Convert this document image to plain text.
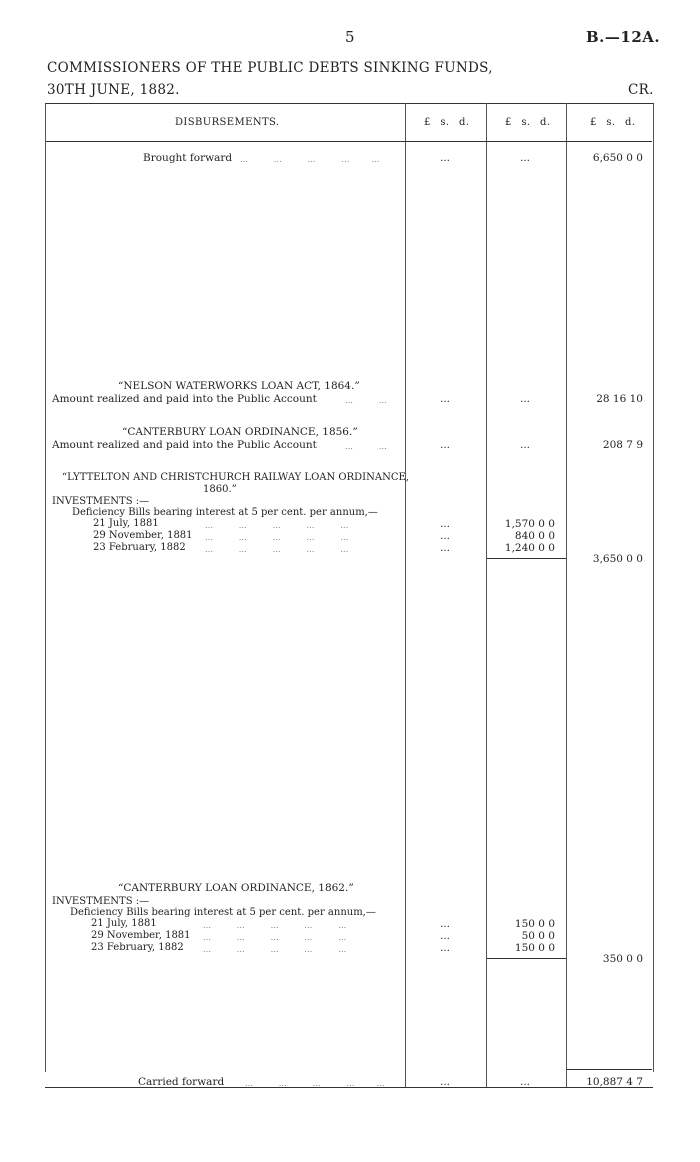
5	B.—12A.
COMMISSIONERS OF THE PUBLIC DEBTS SINKING FUNDS,
30TH JUNE, 1882.	CR.
DISBURSEMENTS.	£ s. d.	£ s. d.	£ s. d.
Brought forward …       …       …       …      …	...	...	6,650 0 0
“NELSON WATERWORKS LOAN ACT, 1864.”
Amount realized and paid into the Public Account	…       …	...	...	28 16 10
“CANTERBURY LOAN ORDINANCE, 1856.”
Amount realized and paid into the Public Account	…       …	...	...	208 7 9
“LYTTELTON AND CHRISTCHURCH RAILWAY LOAN ORDINANCE,
1860.”
INVESTMENTS :—
Deficiency Bills bearing interest at 5 per cent. per annum,—
21 July, 1881	…       …       …       …       …	...	1,570 0 0
29 November, 1881 …       …       …       …       …	...	840 0 0
23 February, 1882 …       …       …       …       …	...	1,240 0 0
3,650 0 0
“CANTERBURY LOAN ORDINANCE, 1862.”
INVESTMENTS :—
Deficiency Bills bearing interest at 5 per cent. per annum,—
21 July, 1881	…       …       …       …       …	...	150 0 0
29 November, 1881 …       …       …       …       …	...	50 0 0
23 February, 1882 …       …       …       …       …	...	150 0 0
350 0 0
Carried forward	…       …       …       …      …	...	...	10,887 4 7
